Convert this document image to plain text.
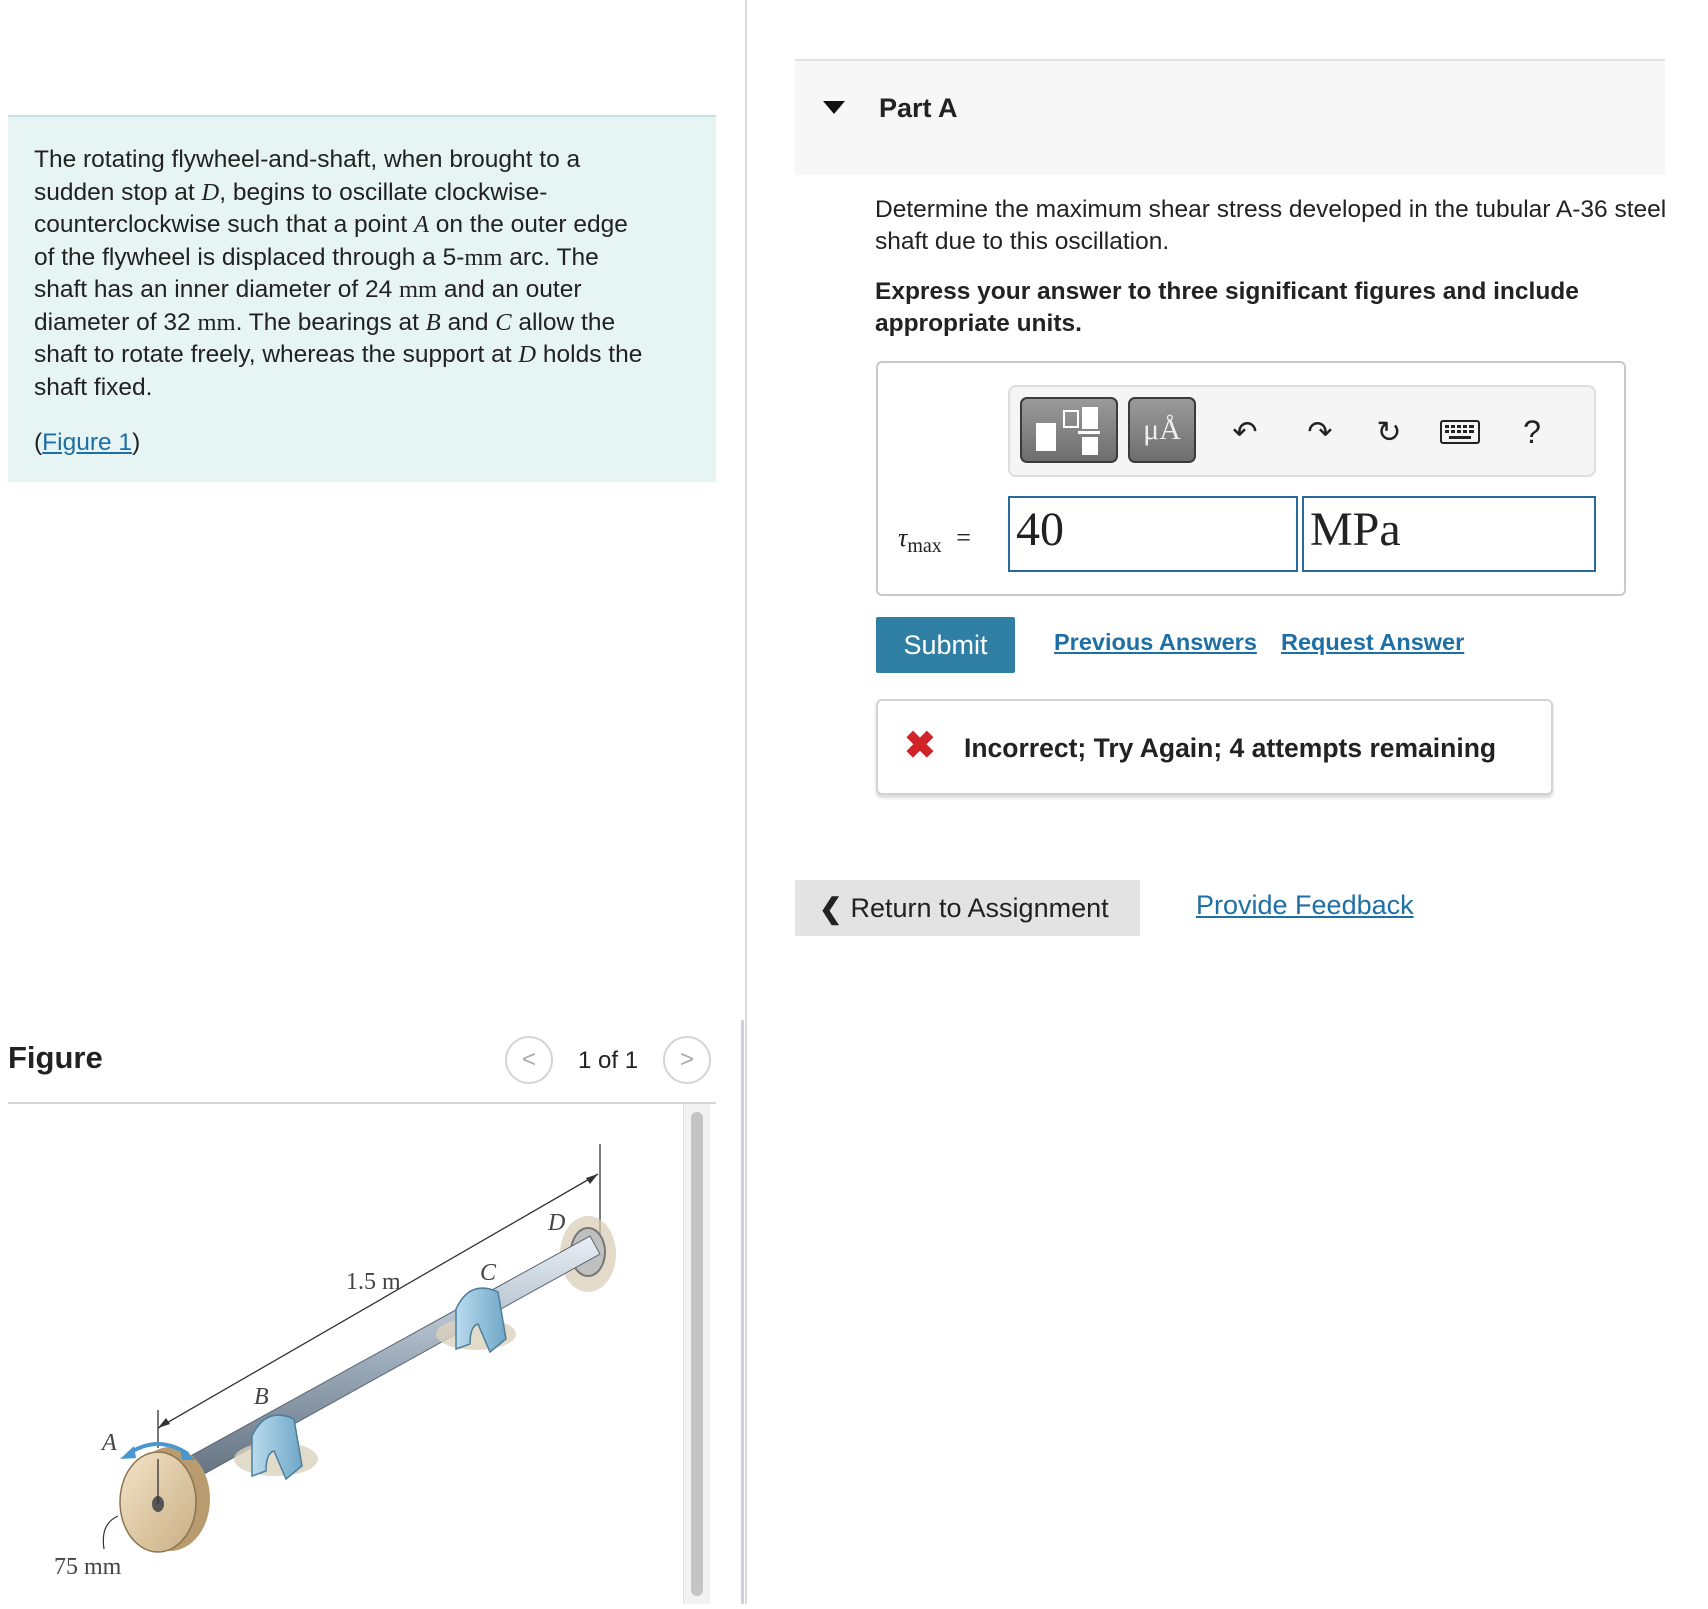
The rotating flywheel-and-shaft, when brought to a
sudden stop at D, begins to oscillate clockwise-
counterclockwise such that a point A on the outer edge
of the flywheel is displaced through a 5-mm arc. The
shaft has an inner diameter of 24 mm and an outer
diameter of 32 mm. The bearings at B and C allow the
shaft to rotate freely, whereas the support at D holds the
shaft fixed.

(Figure 1)

Figure	< 1 of 1 >
D
C
1.5 m
B
A
75 mm
Part A

Determine the maximum shear stress developed in the tubular A-36 steel shaft due to this oscillation.

Express your answer to three significant figures and include appropriate units.

μÅ	↶	↷	↻	?
$\tau_{max} = 40$	MPa
Submit	Previous Answers Request Answer
✖ Incorrect; Try Again; 4 attempts remaining
❮ Return to Assignment	Provide Feedback
